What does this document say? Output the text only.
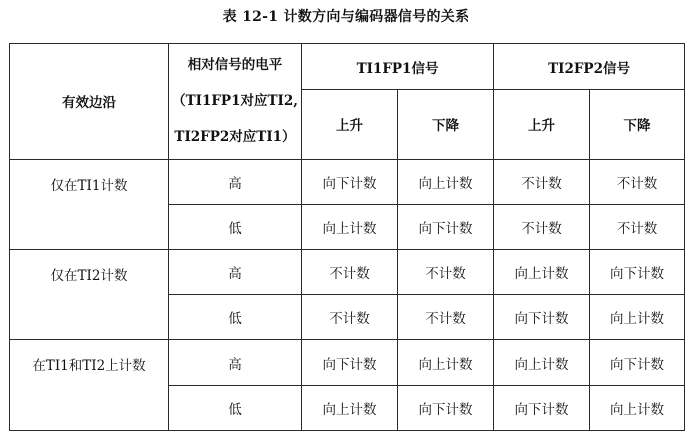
表 12-1 计数方向与编码器信号的关系
有效边沿	相对信号的电平
（TI1FP1对应TI2,
TI2FP2对应TI1）	TI1FP1信号		TI2FP2信号	
		上升	下降	上升	下降
仅在TI1计数	高	向下计数	向上计数	不计数	不计数
	低	向上计数	向下计数	不计数	不计数
仅在TI2计数	高	不计数	不计数	向上计数	向下计数
	低	不计数	不计数	向下计数	向上计数
在TI1和TI2上计数	高	向下计数	向上计数	向上计数	向下计数
	低	向上计数	向下计数	向下计数	向上计数
